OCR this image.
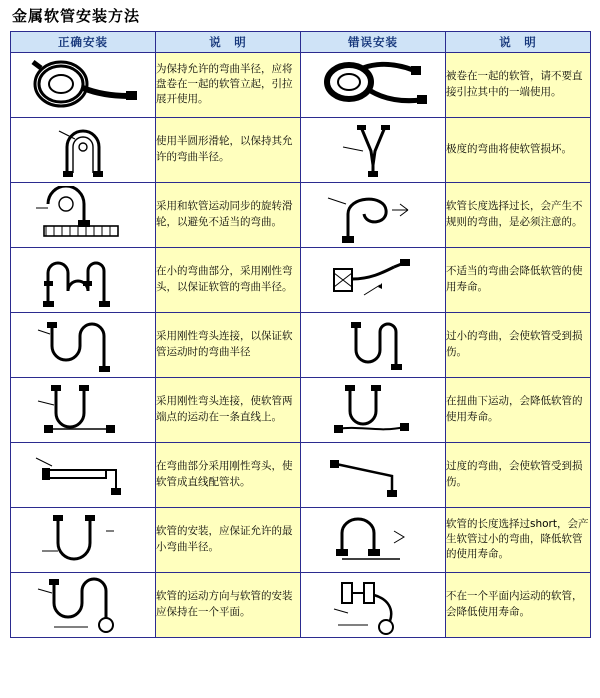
金属软管安装方法
正确安装	说　明	错误安装	说　明

	为保持允许的弯曲半径，应将盘卷在一起的软管立起，引拉展开使用。		被卷在一起的软管，请不要直接引拉其中的一端使用。

	使用半圆形滑轮，以保持其允许的弯曲半径。		极度的弯曲将使软管损坏。

	采用和软管运动同步的旋转滑轮，以避免不适当的弯曲。		软管长度选择过长，会产生不规则的弯曲，是必须注意的。

	在小的弯曲部分，采用刚性弯头，以保证软管的弯曲半径。		不适当的弯曲会降低软管的使用寿命。

	采用刚性弯头连接，以保证软管运动时的弯曲半径		过小的弯曲，会使软管受到损伤。

	采用刚性弯头连接，使软管两端点的运动在一条直线上。		在扭曲下运动，会降低软管的使用寿命。

	在弯曲部分采用刚性弯头，使软管成直线配管状。		过度的弯曲，会使软管受到损伤。

	软管的安装，应保证允许的最小弯曲半径。		软管的长度选择过short，会产生软管过小的弯曲，降低软管的使用寿命。

	软管的运动方向与软管的安装应保持在一个平面。		不在一个平面内运动的软管，会降低使用寿命。
